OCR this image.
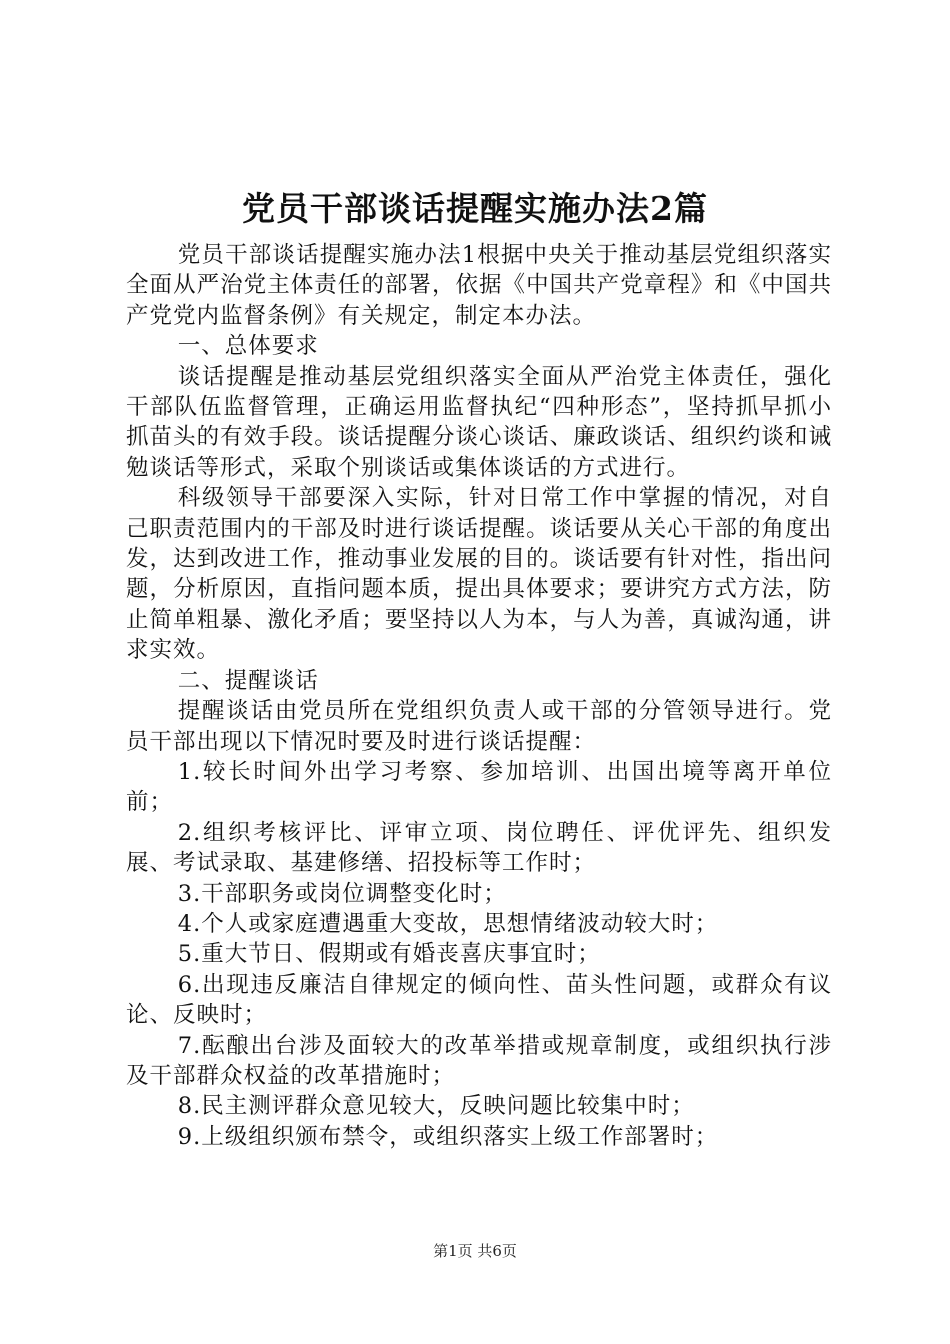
党员干部谈话提醒实施办法2篇

党员干部谈话提醒实施办法1根据中央关于推动基层党组织落实全面从严治党主体责任的部署，依据《中国共产党章程》和《中国共产党党内监督条例》有关规定，制定本办法。

一、总体要求

谈话提醒是推动基层党组织落实全面从严治党主体责任，强化干部队伍监督管理，正确运用监督执纪“四种形态”，坚持抓早抓小抓苗头的有效手段。谈话提醒分谈心谈话、廉政谈话、组织约谈和诫勉谈话等形式，采取个别谈话或集体谈话的方式进行。

科级领导干部要深入实际，针对日常工作中掌握的情况，对自己职责范围内的干部及时进行谈话提醒。谈话要从关心干部的角度出发，达到改进工作，推动事业发展的目的。谈话要有针对性，指出问题，分析原因，直指问题本质，提出具体要求；要讲究方式方法，防止简单粗暴、激化矛盾；要坚持以人为本，与人为善，真诚沟通，讲求实效。

二、提醒谈话

提醒谈话由党员所在党组织负责人或干部的分管领导进行。党员干部出现以下情况时要及时进行谈话提醒：

1.较长时间外出学习考察、参加培训、出国出境等离开单位前；

2.组织考核评比、评审立项、岗位聘任、评优评先、组织发展、考试录取、基建修缮、招投标等工作时；

3.干部职务或岗位调整变化时；

4.个人或家庭遭遇重大变故，思想情绪波动较大时；

5.重大节日、假期或有婚丧喜庆事宜时；

6.出现违反廉洁自律规定的倾向性、苗头性问题，或群众有议论、反映时；

7.酝酿出台涉及面较大的改革举措或规章制度，或组织执行涉及干部群众权益的改革措施时；

8.民主测评群众意见较大，反映问题比较集中时；

9.上级组织颁布禁令，或组织落实上级工作部署时；

第1页 共6页
